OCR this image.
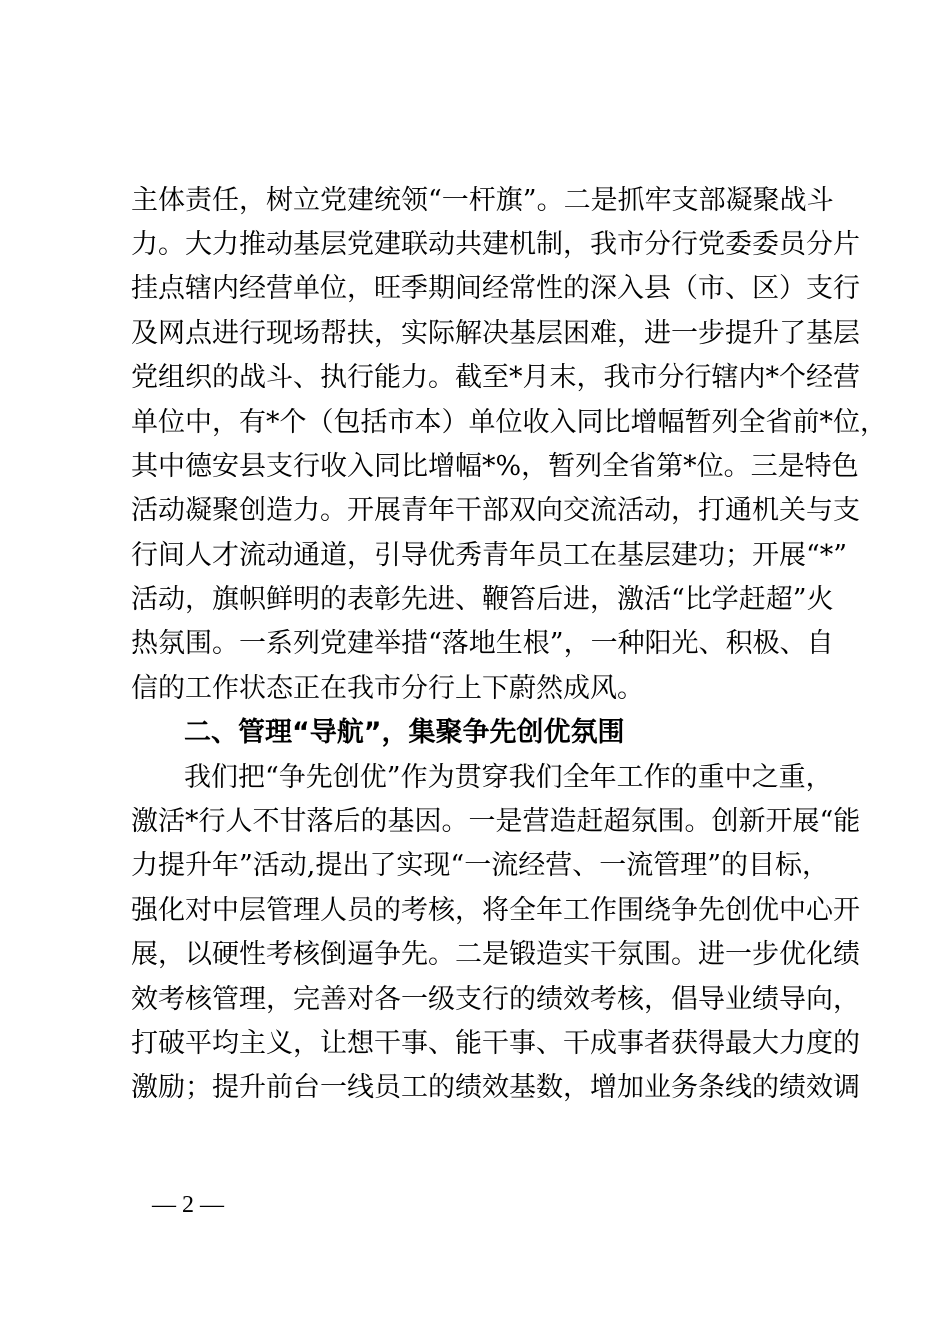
主体责任，树立党建统领“一杆旗”。二是抓牢支部凝聚战斗
力。大力推动基层党建联动共建机制，我市分行党委委员分片
挂点辖内经营单位，旺季期间经常性的深入县（市、区）支行
及网点进行现场帮扶，实际解决基层困难，进一步提升了基层
党组织的战斗、执行能力。截至*月末，我市分行辖内*个经营
单位中，有*个（包括市本）单位收入同比增幅暂列全省前*位，
其中德安县支行收入同比增幅*%，暂列全省第*位。三是特色
活动凝聚创造力。开展青年干部双向交流活动，打通机关与支
行间人才流动通道，引导优秀青年员工在基层建功；开展“*”
活动，旗帜鲜明的表彰先进、鞭笞后进，激活“比学赶超”火
热氛围。一系列党建举措“落地生根”，一种阳光、积极、自
信的工作状态正在我市分行上下蔚然成风。
二、管理“导航”，集聚争先创优氛围
我们把“争先创优”作为贯穿我们全年工作的重中之重，
激活*行人不甘落后的基因。一是营造赶超氛围。创新开展“能
力提升年”活动,提出了实现“一流经营、一流管理”的目标，
强化对中层管理人员的考核，将全年工作围绕争先创优中心开
展，以硬性考核倒逼争先。二是锻造实干氛围。进一步优化绩
效考核管理，完善对各一级支行的绩效考核，倡导业绩导向，
打破平均主义，让想干事、能干事、干成事者获得最大力度的
激励；提升前台一线员工的绩效基数，增加业务条线的绩效调
— 2 —
